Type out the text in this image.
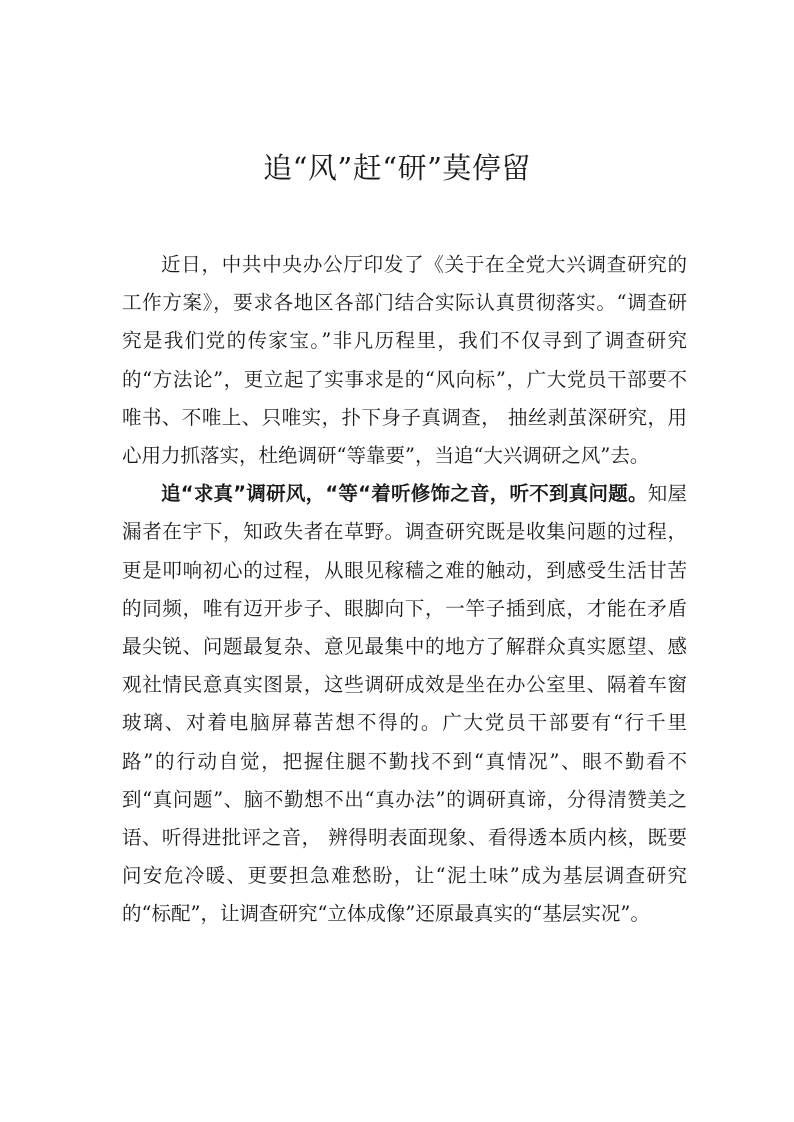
追“风”赶“研”莫停留

近日，中共中央办公厅印发了《关于在全党大兴调查研究的工作方案》，要求各地区各部门结合实际认真贯彻落实。“调查研究是我们党的传家宝。”非凡历程里，我们不仅寻到了调查研究的“方法论”，更立起了实事求是的“风向标”，广大党员干部要不唯书、不唯上、只唯实，扑下身子真调查， 抽丝剥茧深研究，用心用力抓落实，杜绝调研“等靠要”，当追“大兴调研之风”去。

追“求真”调研风，“等“着听修饰之音，听不到真问题。知屋漏者在宇下，知政失者在草野。调查研究既是收集问题的过程，更是叩响初心的过程，从眼见稼穑之难的触动，到感受生活甘苦的同频，唯有迈开步子、眼脚向下，一竿子插到底，才能在矛盾最尖锐、问题最复杂、意见最集中的地方了解群众真实愿望、感观社情民意真实图景，这些调研成效是坐在办公室里、隔着车窗玻璃、对着电脑屏幕苦想不得的。广大党员干部要有“行千里路”的行动自觉，把握住腿不勤找不到“真情况”、眼不勤看不到“真问题”、脑不勤想不出“真办法”的调研真谛，分得清赞美之语、听得进批评之音， 辨得明表面现象、看得透本质内核，既要问安危冷暖、更要担急难愁盼，让“泥土味”成为基层调查研究的“标配”，让调查研究“立体成像”还原最真实的“基层实况”。
